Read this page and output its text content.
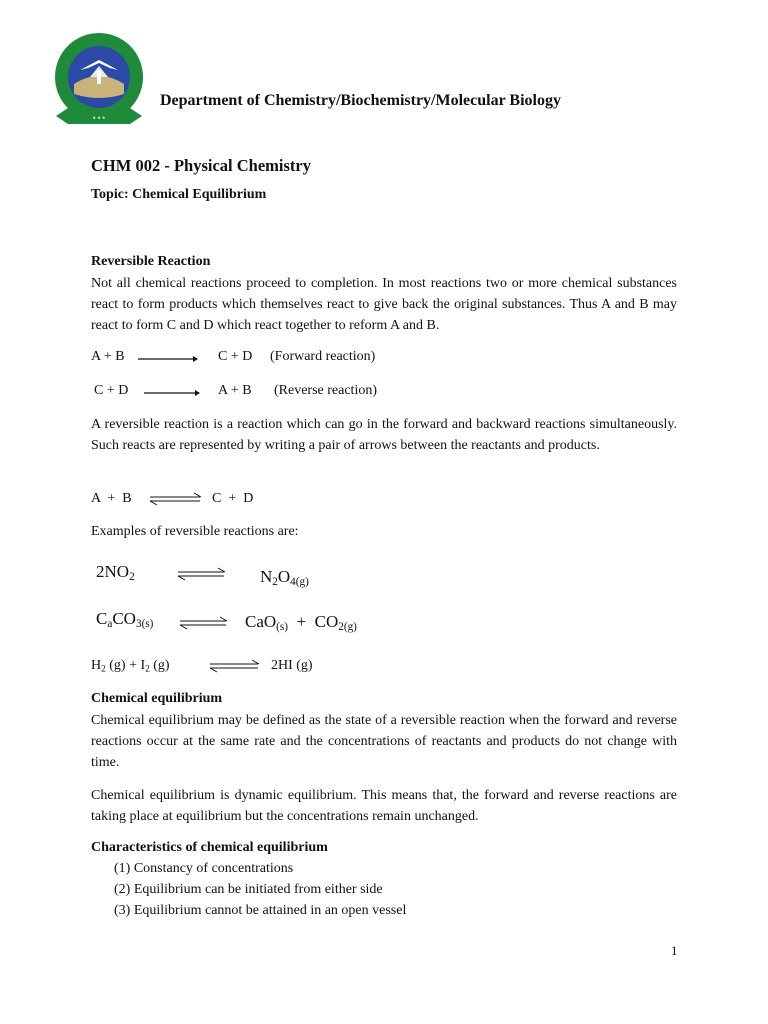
★ ★ ★
Department of Chemistry/Biochemistry/Molecular Biology
CHM 002 - Physical Chemistry
Topic: Chemical Equilibrium
Reversible Reaction
Not all chemical reactions proceed to completion. In most reactions two or more chemical substances react to form products which themselves react to give back the original substances. Thus A and B may react to form C and D which react together to reform A and B.
A + B	C + D (Forward reaction)
C + D	A + B (Reverse reaction)
A reversible reaction is a reaction which can go in the forward and backward reactions simultaneously. Such reacts are represented by writing a pair of arrows between the reactants and products.
A  +  B ⇌ C  +  D
Examples of reversible reactions are:
$2NO_2$	$N_2O_{4(g)}$
$C_aCO_{3(s)}$	$CaO_{(s)} + CO_{2(g)}$
$H_2$ $(g) + I_2$ (g)	2HI (g)
Chemical equilibrium
Chemical equilibrium may be defined as the state of a reversible reaction when the forward and reverse reactions occur at the same rate and the concentrations of reactants and products do not change with time.
Chemical equilibrium is dynamic equilibrium. This means that, the forward and reverse reactions are taking place at equilibrium but the concentrations remain unchanged.
Characteristics of chemical equilibrium
(1) Constancy of concentrations
(2) Equilibrium can be initiated from either side
(3) Equilibrium cannot be attained in an open vessel
1
